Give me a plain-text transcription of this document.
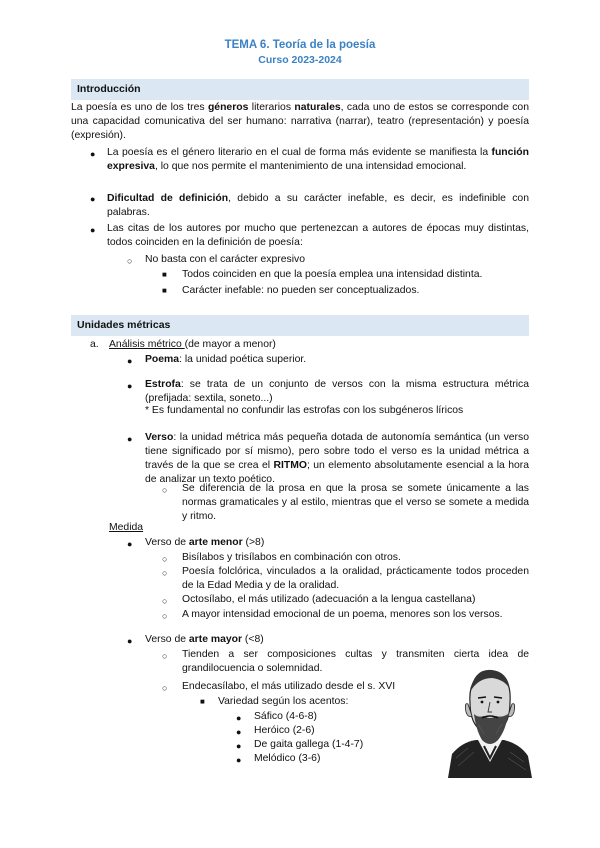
TEMA 6. Teoría de la poesía
Curso 2023-2024
Introducción
La poesía es uno de los tres géneros literarios naturales, cada uno de estos se corresponde con una capacidad comunicativa del ser humano: narrativa (narrar), teatro (representación) y poesía (expresión).
● La poesía es el género literario en el cual de forma más evidente se manifiesta la función expresiva, lo que nos permite el mantenimiento de una intensidad emocional.
● Dificultad de definición, debido a su carácter inefable, es decir, es indefinible con palabras.
● Las citas de los autores por mucho que pertenezcan a autores de épocas muy distintas, todos coinciden en la definición de poesía:
○ No basta con el carácter expresivo
■ Todos coinciden en que la poesía emplea una intensidad distinta.
■ Carácter inefable: no pueden ser conceptualizados.
Unidades métricas
a. Análisis métrico (de mayor a menor)
● Poema: la unidad poética superior.
● Estrofa: se trata de un conjunto de versos con la misma estructura métrica (prefijada: sextila, soneto...)
* Es fundamental no confundir las estrofas con los subgéneros líricos
● Verso: la unidad métrica más pequeña dotada de autonomía semántica (un verso tiene significado por sí mismo), pero sobre todo el verso es la unidad métrica a través de la que se crea el RITMO; un elemento absolutamente esencial a la hora de analizar un texto poético.
○ Se diferencia de la prosa en que la prosa se somete únicamente a las normas gramaticales y al estilo, mientras que el verso se somete a medida y ritmo.
Medida
● Verso de arte menor (>8)
○ Bisílabos y trisílabos en combinación con otros.
○ Poesía folclórica, vinculados a la oralidad, prácticamente todos proceden de la Edad Media y de la oralidad.
○ Octosílabo, el más utilizado (adecuación a la lengua castellana)
○ A mayor intensidad emocional de un poema, menores son los versos.
● Verso de arte mayor (<8)
○ Tienden a ser composiciones cultas y transmiten cierta idea de grandilocuencia o solemnidad.
○ Endecasílabo, el más utilizado desde el s. XVI
■ Variedad según los acentos:
● Sáfico (4-6-8)
● Heróico (2-6)
● De gaita gallega (1-4-7)
● Melódico (3-6)
